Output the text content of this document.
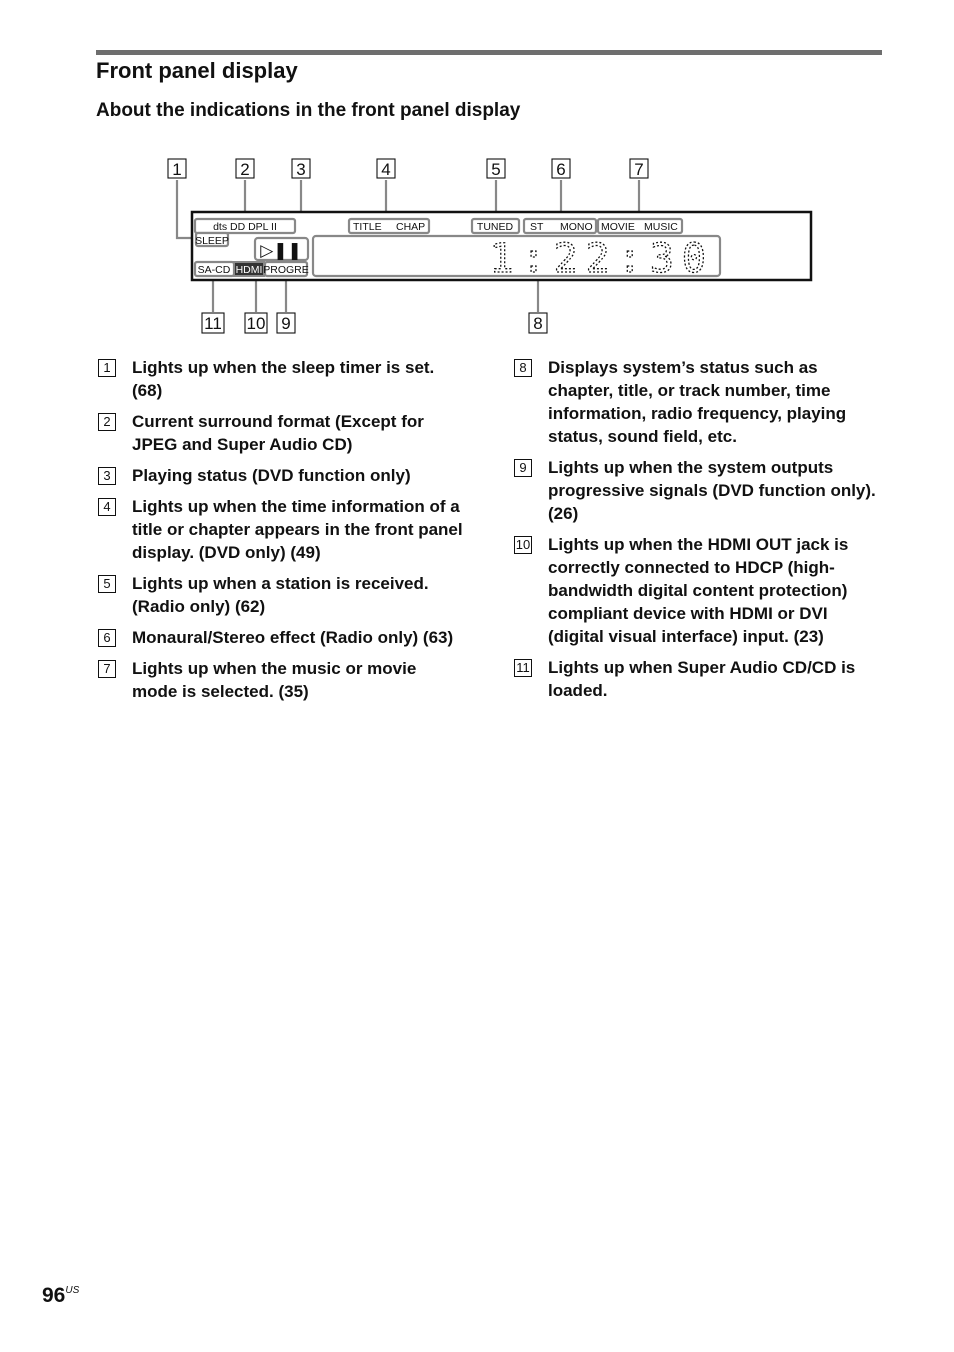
Front panel display
About the indications in the front panel display
1	2	3	4	5	6	7
11 10 9	8
dts DD DPL II
SLEEP
TITLE CHAP	TUNED ST MONO MOVIE MUSIC
▷❚❚
SA-CD HDMI PROGRE	1:22:30
1	Lights up when the sleep timer is set. (68)
2	Current surround format (Except for JPEG and Super Audio CD)
3	Playing status (DVD function only)
4	Lights up when the time information of a title or chapter appears in the front panel display. (DVD only) (49)
5	Lights up when a station is received. (Radio only) (62)
6	Monaural/Stereo effect (Radio only) (63)
7	Lights up when the music or movie mode is selected. (35)
8	Displays system’s status such as chapter, title, or track number, time information, radio frequency, playing status, sound field, etc.
9	Lights up when the system outputs progressive signals (DVD function only). (26)
10 Lights up when the HDMI OUT jack is correctly connected to HDCP (high-bandwidth digital content protection) compliant device with HDMI or DVI (digital visual interface) input. (23)
11 Lights up when Super Audio CD/CD is loaded.
$96^{US}$
